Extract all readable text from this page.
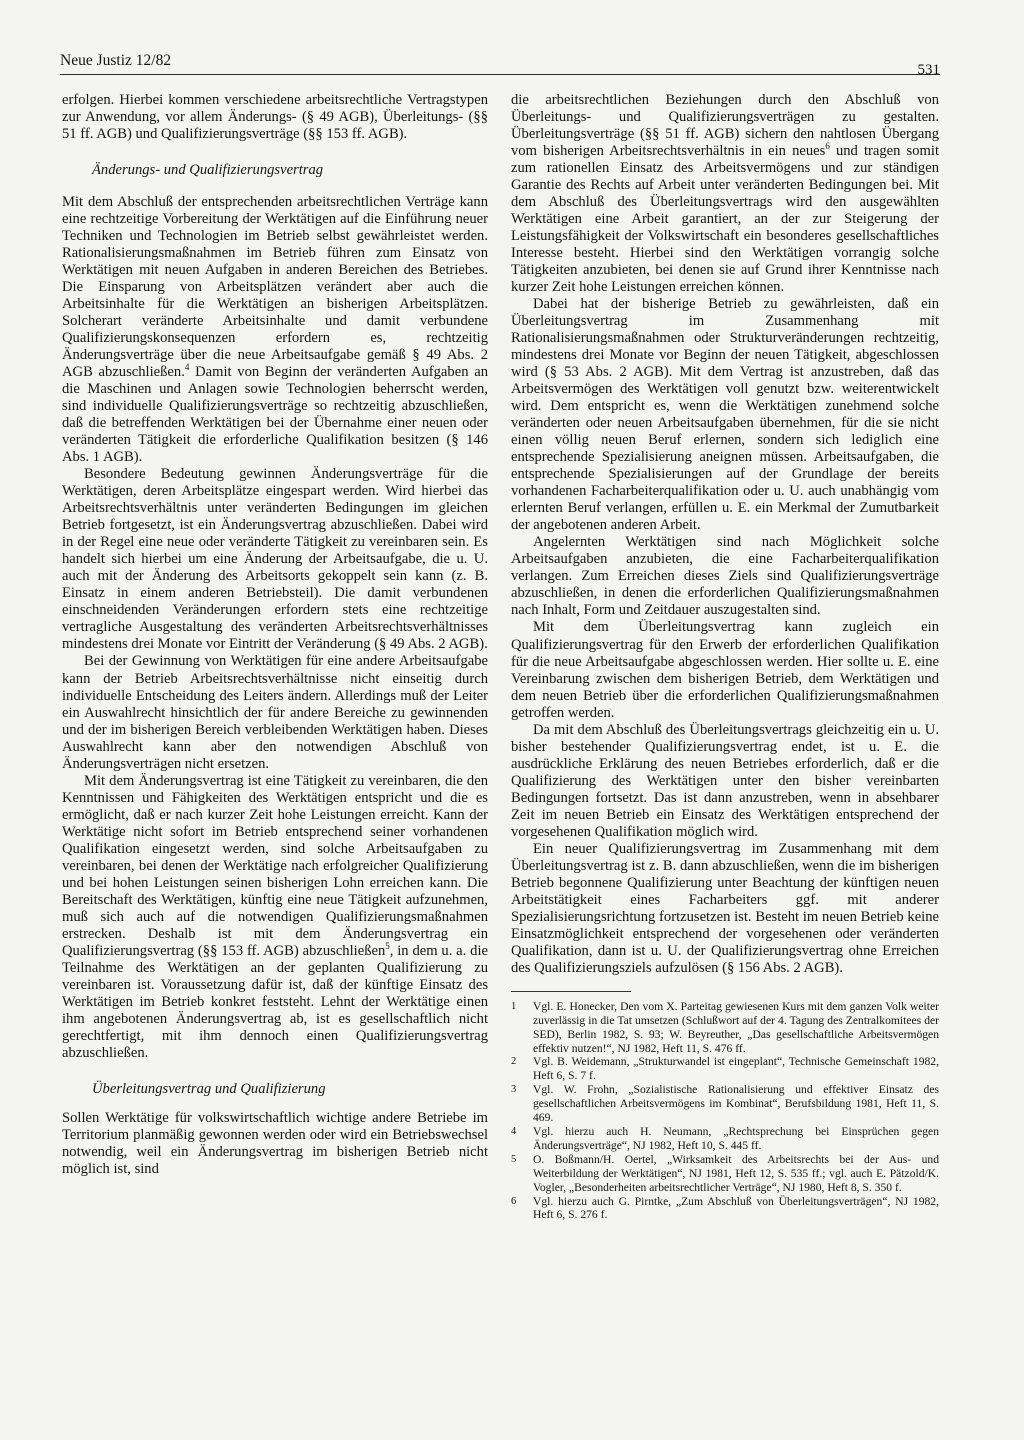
Neue Justiz 12/82
531

erfolgen. Hierbei kommen verschiedene arbeitsrechtliche Vertragstypen zur Anwendung, vor allem Änderungs- (§ 49 AGB), Überleitungs- (§§ 51 ff. AGB) und Qualifizierungsverträge (§§ 153 ff. AGB).

Änderungs- und Qualifizierungsvertrag

Mit dem Abschluß der entsprechenden arbeitsrechtlichen Verträge kann eine rechtzeitige Vorbereitung der Werktätigen auf die Einführung neuer Techniken und Technologien im Betrieb selbst gewährleistet werden. Rationalisierungsmaßnahmen im Betrieb führen zum Einsatz von Werktätigen mit neuen Aufgaben in anderen Bereichen des Betriebes. Die Einsparung von Arbeitsplätzen verändert aber auch die Arbeitsinhalte für die Werktätigen an bisherigen Arbeitsplätzen. Solcherart veränderte Arbeitsinhalte und damit verbundene Qualifizierungskonsequenzen erfordern es, rechtzeitig Änderungsverträge über die neue Arbeitsaufgabe gemäß § 49 Abs. 2 AGB abzuschließen.$^4$ Damit von Beginn der veränderten Aufgaben an die Maschinen und Anlagen sowie Technologien beherrscht werden, sind individuelle Qualifizierungsverträge so rechtzeitig abzuschließen, daß die betreffenden Werktätigen bei der Übernahme einer neuen oder veränderten Tätigkeit die erforderliche Qualifikation besitzen (§ 146 Abs. 1 AGB).

Besondere Bedeutung gewinnen Änderungsverträge für die Werktätigen, deren Arbeitsplätze eingespart werden. Wird hierbei das Arbeitsrechtsverhältnis unter veränderten Bedingungen im gleichen Betrieb fortgesetzt, ist ein Änderungsvertrag abzuschließen. Dabei wird in der Regel eine neue oder veränderte Tätigkeit zu vereinbaren sein. Es handelt sich hierbei um eine Änderung der Arbeitsaufgabe, die u. U. auch mit der Änderung des Arbeitsorts gekoppelt sein kann (z. B. Einsatz in einem anderen Betriebsteil). Die damit verbundenen einschneidenden Veränderungen erfordern stets eine rechtzeitige vertragliche Ausgestaltung des veränderten Arbeitsrechtsverhältnisses mindestens drei Monate vor Eintritt der Veränderung (§ 49 Abs. 2 AGB).

Bei der Gewinnung von Werktätigen für eine andere Arbeitsaufgabe kann der Betrieb Arbeitsrechtsverhältnisse nicht einseitig durch individuelle Entscheidung des Leiters ändern. Allerdings muß der Leiter ein Auswahlrecht hinsichtlich der für andere Bereiche zu gewinnenden und der im bisherigen Bereich verbleibenden Werktätigen haben. Dieses Auswahlrecht kann aber den notwendigen Abschluß von Änderungsverträgen nicht ersetzen.

Mit dem Änderungsvertrag ist eine Tätigkeit zu vereinbaren, die den Kenntnissen und Fähigkeiten des Werktätigen entspricht und die es ermöglicht, daß er nach kurzer Zeit hohe Leistungen erreicht. Kann der Werktätige nicht sofort im Betrieb entsprechend seiner vorhandenen Qualifikation eingesetzt werden, sind solche Arbeitsaufgaben zu vereinbaren, bei denen der Werktätige nach erfolgreicher Qualifizierung und bei hohen Leistungen seinen bisherigen Lohn erreichen kann. Die Bereitschaft des Werktätigen, künftig eine neue Tätigkeit aufzunehmen, muß sich auch auf die notwendigen Qualifizierungsmaßnahmen erstrecken. Deshalb ist mit dem Änderungsvertrag ein Qualifizierungsvertrag (§§ 153 ff. AGB) abzuschließen$^5$, in dem u. a. die Teilnahme des Werktätigen an der geplanten Qualifizierung zu vereinbaren ist. Voraussetzung dafür ist, daß der künftige Einsatz des Werktätigen im Betrieb konkret feststeht. Lehnt der Werktätige einen ihm angebotenen Änderungsvertrag ab, ist es gesellschaftlich nicht gerechtfertigt, mit ihm dennoch einen Qualifizierungsvertrag abzuschließen.

Überleitungsvertrag und Qualifizierung

Sollen Werktätige für volkswirtschaftlich wichtige andere Betriebe im Territorium planmäßig gewonnen werden oder wird ein Betriebswechsel notwendig, weil ein Änderungsvertrag im bisherigen Betrieb nicht möglich ist, sind

die arbeitsrechtlichen Beziehungen durch den Abschluß von Überleitungs- und Qualifizierungsverträgen zu gestalten. Überleitungsverträge (§§ 51 ff. AGB) sichern den nahtlosen Übergang vom bisherigen Arbeitsrechtsverhältnis in ein neues$^6$ und tragen somit zum rationellen Einsatz des Arbeitsvermögens und zur ständigen Garantie des Rechts auf Arbeit unter veränderten Bedingungen bei. Mit dem Abschluß des Überleitungsvertrags wird den ausgewählten Werktätigen eine Arbeit garantiert, an der zur Steigerung der Leistungsfähigkeit der Volkswirtschaft ein besonderes gesellschaftliches Interesse besteht. Hierbei sind den Werktätigen vorrangig solche Tätigkeiten anzubieten, bei denen sie auf Grund ihrer Kenntnisse nach kurzer Zeit hohe Leistungen erreichen können.

Dabei hat der bisherige Betrieb zu gewährleisten, daß ein Überleitungsvertrag im Zusammenhang mit Rationalisierungsmaßnahmen oder Strukturveränderungen rechtzeitig, mindestens drei Monate vor Beginn der neuen Tätigkeit, abgeschlossen wird (§ 53 Abs. 2 AGB). Mit dem Vertrag ist anzustreben, daß das Arbeitsvermögen des Werktätigen voll genutzt bzw. weiterentwickelt wird. Dem entspricht es, wenn die Werktätigen zunehmend solche veränderten oder neuen Arbeitsaufgaben übernehmen, für die sie nicht einen völlig neuen Beruf erlernen, sondern sich lediglich eine entsprechende Spezialisierung aneignen müssen. Arbeitsaufgaben, die entsprechende Spezialisierungen auf der Grundlage der bereits vorhandenen Facharbeiterqualifikation oder u. U. auch unabhängig vom erlernten Beruf verlangen, erfüllen u. E. ein Merkmal der Zumutbarkeit der angebotenen anderen Arbeit.

Angelernten Werktätigen sind nach Möglichkeit solche Arbeitsaufgaben anzubieten, die eine Facharbeiterqualifikation verlangen. Zum Erreichen dieses Ziels sind Qualifizierungsverträge abzuschließen, in denen die erforderlichen Qualifizierungsmaßnahmen nach Inhalt, Form und Zeitdauer auszugestalten sind.

Mit dem Überleitungsvertrag kann zugleich ein Qualifizierungsvertrag für den Erwerb der erforderlichen Qualifikation für die neue Arbeitsaufgabe abgeschlossen werden. Hier sollte u. E. eine Vereinbarung zwischen dem bisherigen Betrieb, dem Werktätigen und dem neuen Betrieb über die erforderlichen Qualifizierungsmaßnahmen getroffen werden.

Da mit dem Abschluß des Überleitungsvertrags gleichzeitig ein u. U. bisher bestehender Qualifizierungsvertrag endet, ist u. E. die ausdrückliche Erklärung des neuen Betriebes erforderlich, daß er die Qualifizierung des Werktätigen unter den bisher vereinbarten Bedingungen fortsetzt. Das ist dann anzustreben, wenn in absehbarer Zeit im neuen Betrieb ein Einsatz des Werktätigen entsprechend der vorgesehenen Qualifikation möglich wird.

Ein neuer Qualifizierungsvertrag im Zusammenhang mit dem Überleitungsvertrag ist z. B. dann abzuschließen, wenn die im bisherigen Betrieb begonnene Qualifizierung unter Beachtung der künftigen neuen Arbeitstätigkeit eines Facharbeiters ggf. mit anderer Spezialisierungsrichtung fortzusetzen ist. Besteht im neuen Betrieb keine Einsatzmöglichkeit entsprechend der vorgesehenen oder veränderten Qualifikation, dann ist u. U. der Qualifizierungsvertrag ohne Erreichen des Qualifizierungsziels aufzulösen (§ 156 Abs. 2 AGB).

1	Vgl. E. Honecker, Den vom X. Parteitag gewiesenen Kurs mit dem ganzen Volk weiter zuverlässig in die Tat umsetzen (Schlußwort auf der 4. Tagung des Zentralkomitees der SED), Berlin 1982, S. 93; W. Beyreuther, „Das gesellschaftliche Arbeitsvermögen effektiv nutzen!“, NJ 1982, Heft 11, S. 476 ff.
2	Vgl. B. Weidemann, „Strukturwandel ist eingeplant“, Technische Gemeinschaft 1982, Heft 6, S. 7 f.
3	Vgl. W. Frohn, „Sozialistische Rationalisierung und effektiver Einsatz des gesellschaftlichen Arbeitsvermögens im Kombinat“, Berufsbildung 1981, Heft 11, S. 469.
4	Vgl. hierzu auch H. Neumann, „Rechtsprechung bei Einsprüchen gegen Änderungsverträge“, NJ 1982, Heft 10, S. 445 ff.
5	O. Boßmann/H. Oertel, „Wirksamkeit des Arbeitsrechts bei der Aus- und Weiterbildung der Werktätigen“, NJ 1981, Heft 12, S. 535 ff.; vgl. auch E. Pätzold/K. Vogler, „Besonderheiten arbeitsrechtlicher Verträge“, NJ 1980, Heft 8, S. 350 f.
6	Vgl. hierzu auch G. Pirntke, „Zum Abschluß von Überleitungsverträgen“, NJ 1982, Heft 6, S. 276 f.
